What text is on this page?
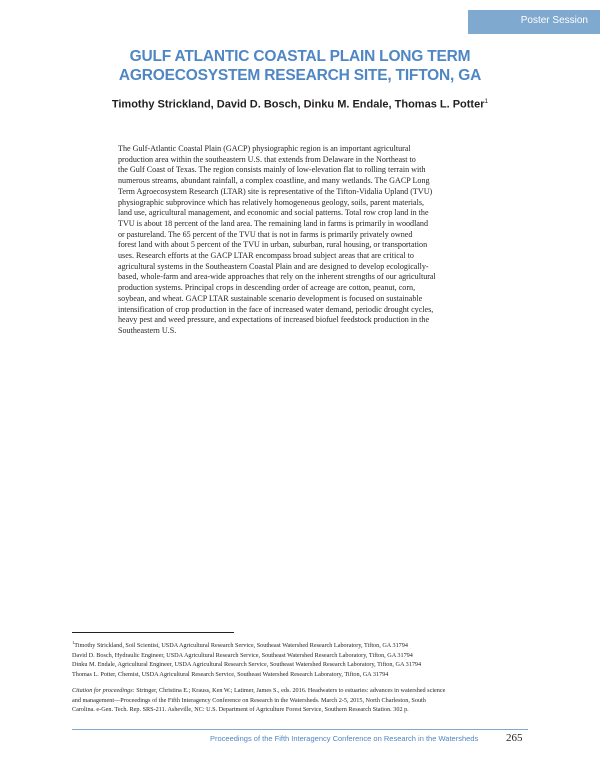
Poster Session
GULF ATLANTIC COASTAL PLAIN LONG TERM
AGROECOSYSTEM RESEARCH SITE, TIFTON, GA
Timothy Strickland, David D. Bosch, Dinku M. Endale, Thomas L. Potter$^1$
The Gulf-Atlantic Coastal Plain (GACP) physiographic region is an important agricultural
production area within the southeastern U.S. that extends from Delaware in the Northeast to
the Gulf Coast of Texas. The region consists mainly of low-elevation flat to rolling terrain with
numerous streams, abundant rainfall, a complex coastline, and many wetlands. The GACP Long
Term Agroecosystem Research (LTAR) site is representative of the Tifton-Vidalia Upland (TVU)
physiographic subprovince which has relatively homogeneous geology, soils, parent materials,
land use, agricultural management, and economic and social patterns. Total row crop land in the
TVU is about 18 percent of the land area. The remaining land in farms is primarily in woodland
or pastureland. The 65 percent of the TVU that is not in farms is primarily privately owned
forest land with about 5 percent of the TVU in urban, suburban, rural housing, or transportation
uses. Research efforts at the GACP LTAR encompass broad subject areas that are critical to
agricultural systems in the Southeastern Coastal Plain and are designed to develop ecologically-
based, whole-farm and area-wide approaches that rely on the inherent strengths of our agricultural
production systems. Principal crops in descending order of acreage are cotton, peanut, corn,
soybean, and wheat. GACP LTAR sustainable scenario development is focused on sustainable
intensification of crop production in the face of increased water demand, periodic drought cycles,
heavy pest and weed pressure, and expectations of increased biofuel feedstock production in the
Southeastern U.S.
$^1$Timothy Strickland, Soil Scientist, USDA Agricultural Research Service, Southeast Watershed Research Laboratory, Tifton, GA 31794
David D. Bosch, Hydraulic Engineer, USDA Agricultural Research Service, Southeast Watershed Research Laboratory, Tifton, GA 31794
Dinku M. Endale, Agricultural Engineer, USDA Agricultural Research Service, Southeast Watershed Research Laboratory, Tifton, GA 31794
Thomas L. Potter, Chemist, USDA Agricultural Research Service, Southeast Watershed Research Laboratory, Tifton, GA 31794
Citation for proceedings: Stringer, Christina E.; Krauss, Ken W.; Latimer, James S., eds. 2016. Headwaters to estuaries: advances in watershed science
and management—Proceedings of the Fifth Interagency Conference on Research in the Watersheds. March 2-5, 2015, North Charleston, South
Carolina. e-Gen. Tech. Rep. SRS-211. Asheville, NC: U.S. Department of Agriculture Forest Service, Southern Research Station. 302 p.
Proceedings of the Fifth Interagency Conference on Research in the Watersheds	265
